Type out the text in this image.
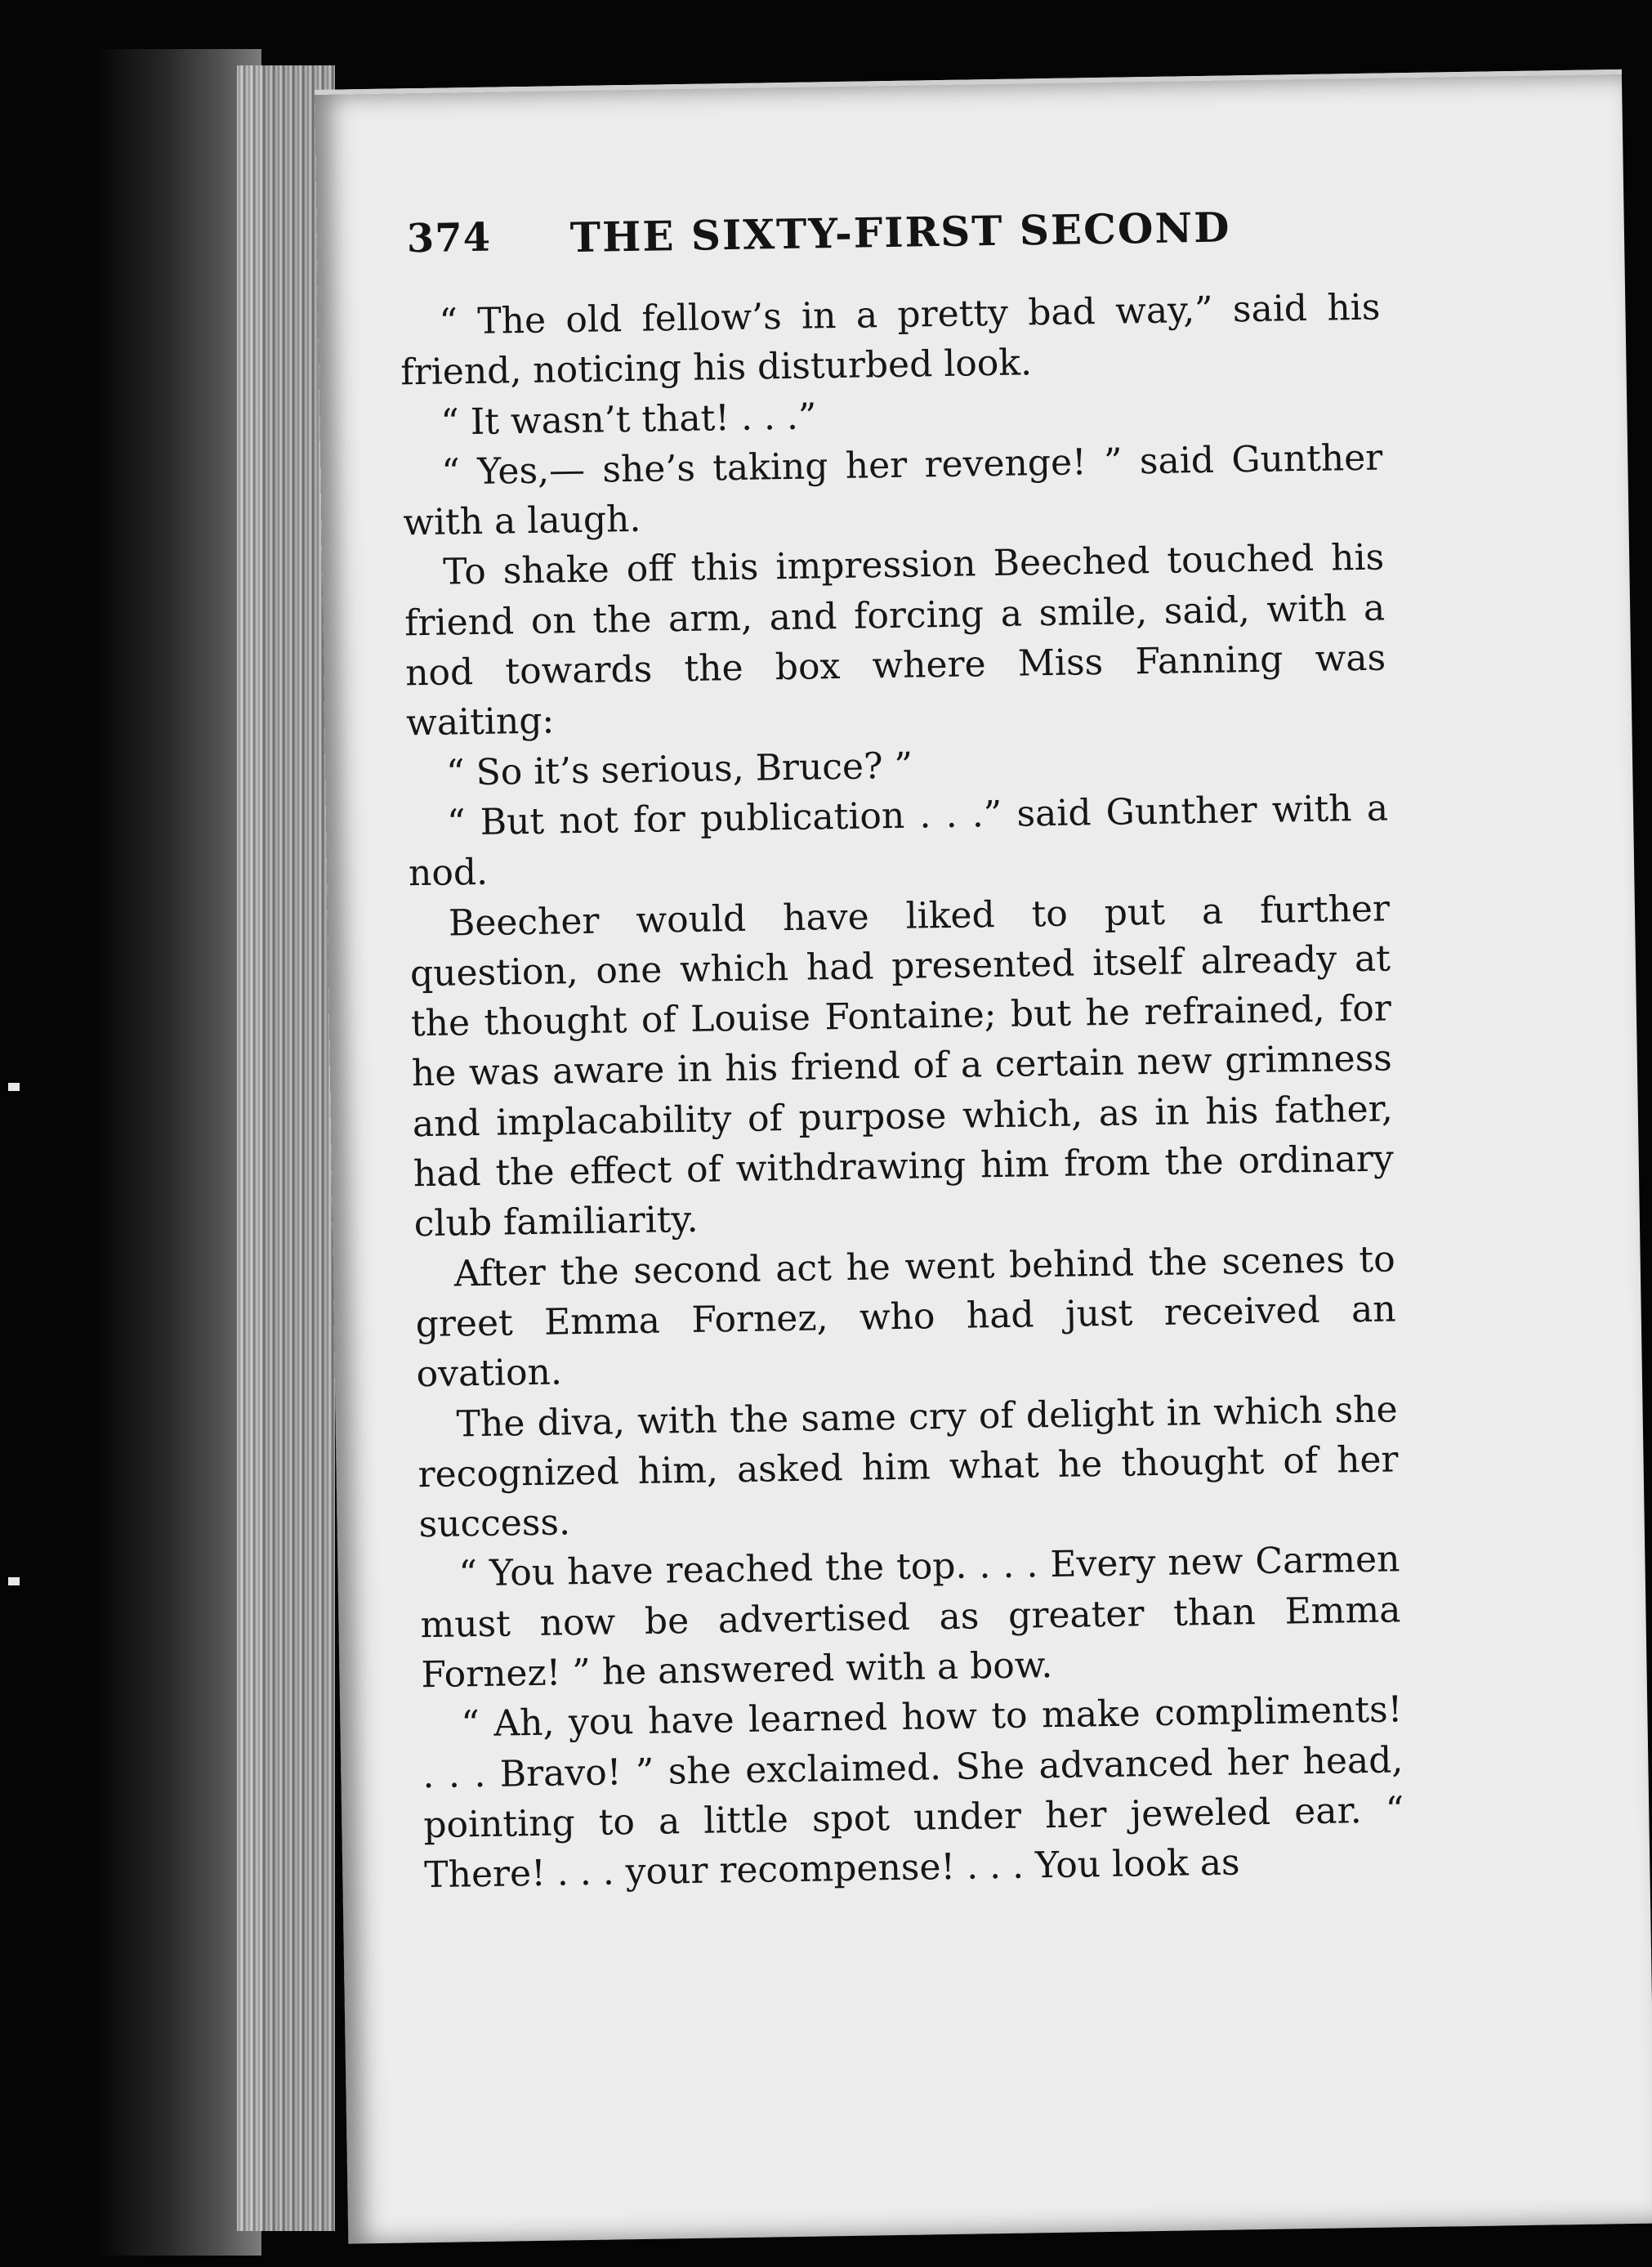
374 THE SIXTY-FIRST SECOND

“ The old fellow’s in a pretty bad way,” said his friend, noticing his disturbed look.

“ It wasn’t that! . . .”

“ Yes,— she’s taking her revenge! ” said Gunther with a laugh.

To shake off this impression Beeched touched his friend on the arm, and forcing a smile, said, with a nod towards the box where Miss Fanning was waiting:

“ So it’s serious, Bruce? ”

“ But not for publication . . .” said Gunther with a nod.

Beecher would have liked to put a further question, one which had presented itself already at the thought of Louise Fontaine; but he refrained, for he was aware in his friend of a certain new grimness and implacability of purpose which, as in his father, had the effect of withdrawing him from the ordinary club familiarity.

After the second act he went behind the scenes to greet Emma Fornez, who had just received an ovation.

The diva, with the same cry of delight in which she recognized him, asked him what he thought of her success.

“ You have reached the top. . . . Every new Carmen must now be advertised as greater than Emma Fornez! ” he answered with a bow.

“ Ah, you have learned how to make compliments! . . . Bravo! ” she exclaimed. She advanced her head, pointing to a little spot under her jeweled ear. “ There! . . . your recompense! . . . You look as
